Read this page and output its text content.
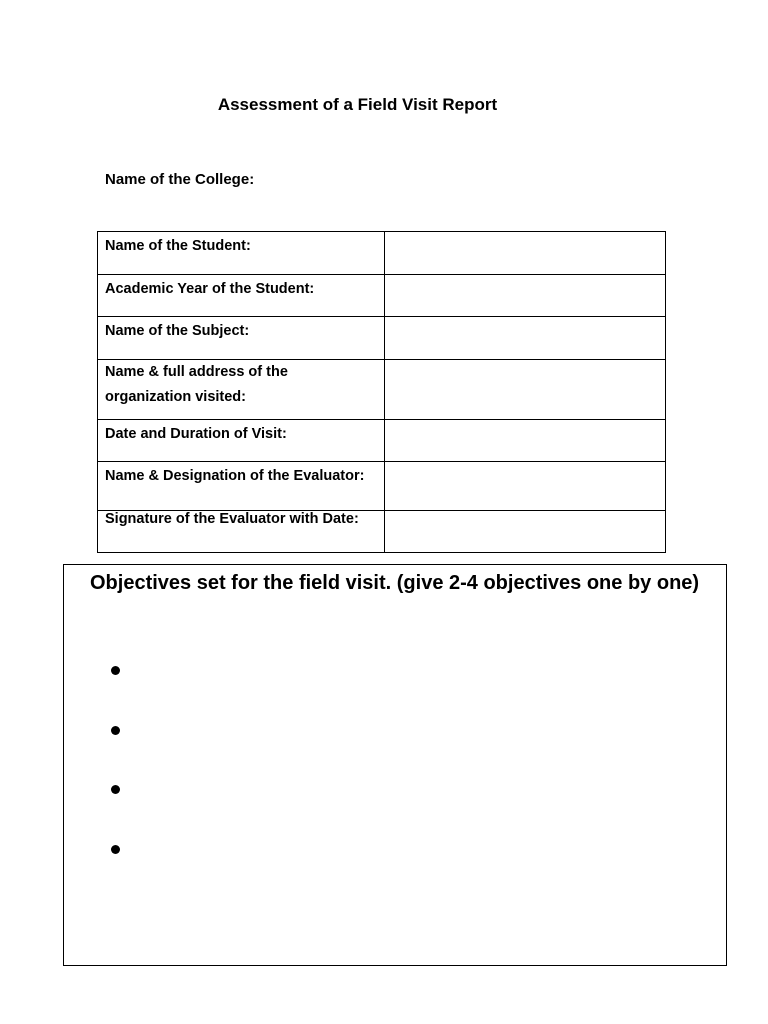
Assessment of a Field Visit Report
Name of the College:
Name of the Student:	
Academic Year of the Student:	
Name of the Subject:	
Name & full address of the organization visited:	
Date and Duration of Visit:	
Name & Designation of the Evaluator:	
Signature of the Evaluator with Date:	
Objectives set for the field visit. (give 2-4 objectives one by one)
